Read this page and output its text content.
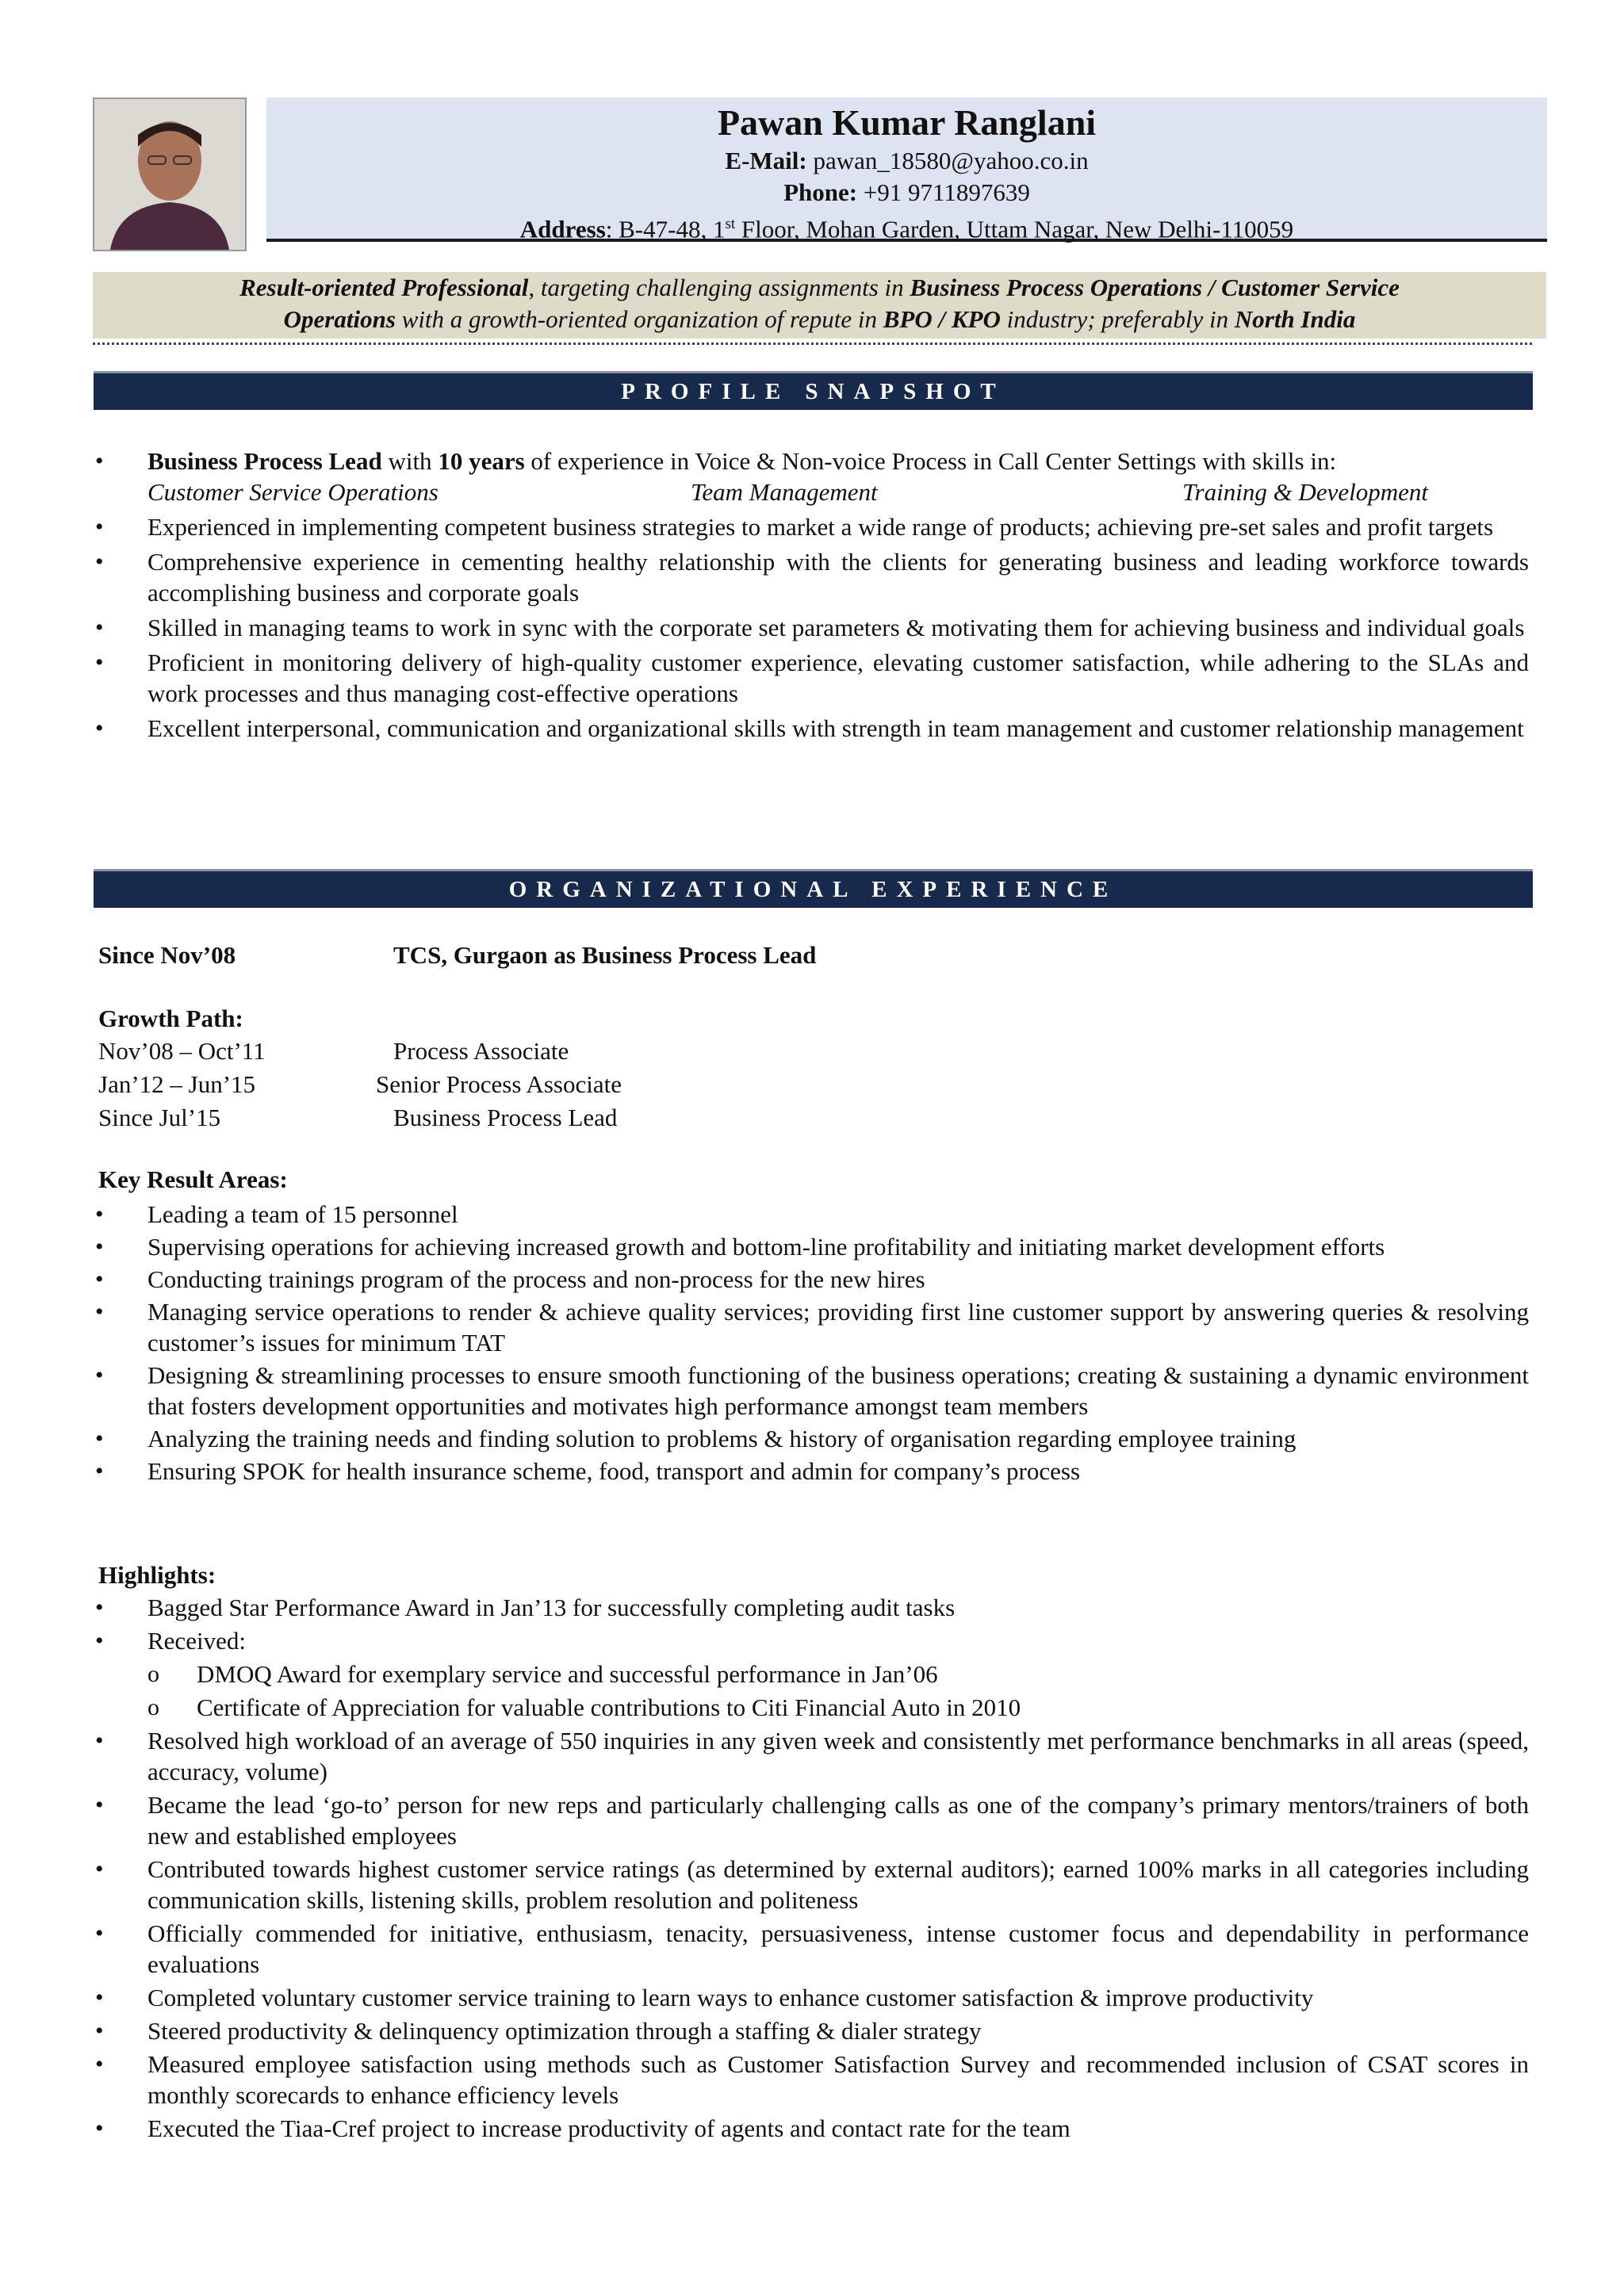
Pawan Kumar Ranglani
E-Mail: pawan_18580@yahoo.co.in
Phone: +91 9711897639
Address: B-47-48, 1st Floor, Mohan Garden, Uttam Nagar, New Delhi-110059
Result-oriented Professional, targeting challenging assignments in Business Process Operations / Customer Service
Operations with a growth-oriented organization of repute in BPO / KPO industry; preferably in North India
PROFILE SNAPSHOT
• Business Process Lead with 10 years of experience in Voice & Non-voice Process in Call Center Settings with skills in:
Customer Service Operations	Team Management	Training & Development
• Experienced in implementing competent business strategies to market a wide range of products; achieving pre-set sales and profit targets
• Comprehensive experience in cementing healthy relationship with the clients for generating business and leading workforce towards accomplishing business and corporate goals
• Skilled in managing teams to work in sync with the corporate set parameters & motivating them for achieving business and individual goals
• Proficient in monitoring delivery of high-quality customer experience, elevating customer satisfaction, while adhering to the SLAs and work processes and thus managing cost-effective operations
• Excellent interpersonal, communication and organizational skills with strength in team management and customer relationship management
ORGANIZATIONAL EXPERIENCE
Since Nov’08	TCS, Gurgaon as Business Process Lead
Growth Path:
Nov’08 – Oct’11	Process Associate
Jan’12 – Jun’15	Senior Process Associate
Since Jul’15	Business Process Lead
Key Result Areas:
• Leading a team of 15 personnel
• Supervising operations for achieving increased growth and bottom-line profitability and initiating market development efforts
• Conducting trainings program of the process and non-process for the new hires
• Managing service operations to render & achieve quality services; providing first line customer support by answering queries & resolving customer’s issues for minimum TAT
• Designing & streamlining processes to ensure smooth functioning of the business operations; creating & sustaining a dynamic environment that fosters development opportunities and motivates high performance amongst team members
• Analyzing the training needs and finding solution to problems & history of organisation regarding employee training
• Ensuring SPOK for health insurance scheme, food, transport and admin for company’s process
Highlights:
• Bagged Star Performance Award in Jan’13 for successfully completing audit tasks
• Received:
o DMOQ Award for exemplary service and successful performance in Jan’06
o Certificate of Appreciation for valuable contributions to Citi Financial Auto in 2010
• Resolved high workload of an average of 550 inquiries in any given week and consistently met performance benchmarks in all areas (speed, accuracy, volume)
• Became the lead ‘go-to’ person for new reps and particularly challenging calls as one of the company’s primary mentors/trainers of both new and established employees
• Contributed towards highest customer service ratings (as determined by external auditors); earned 100% marks in all categories including communication skills, listening skills, problem resolution and politeness
• Officially commended for initiative, enthusiasm, tenacity, persuasiveness, intense customer focus and dependability in performance evaluations
• Completed voluntary customer service training to learn ways to enhance customer satisfaction & improve productivity
• Steered productivity & delinquency optimization through a staffing & dialer strategy
• Measured employee satisfaction using methods such as Customer Satisfaction Survey and recommended inclusion of CSAT scores in monthly scorecards to enhance efficiency levels
• Executed the Tiaa-Cref project to increase productivity of agents and contact rate for the team
